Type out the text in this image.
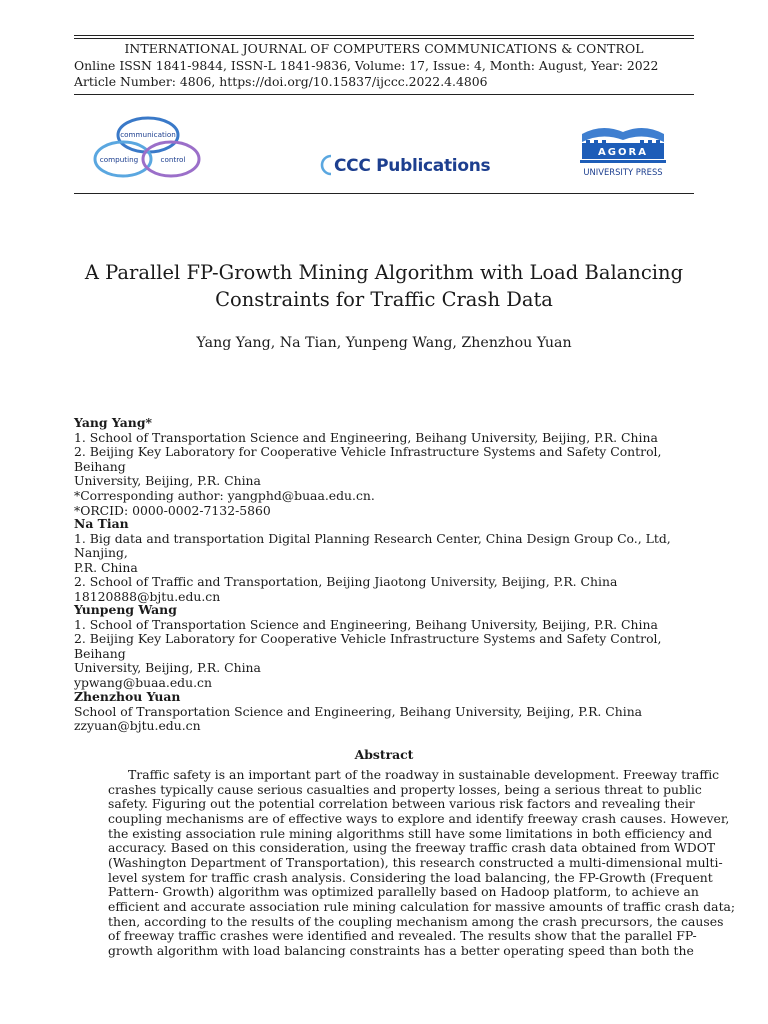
INTERNATIONAL JOURNAL OF COMPUTERS COMMUNICATIONS & CONTROL
Online ISSN 1841-9844, ISSN-L 1841-9836, Volume: 17, Issue: 4, Month: August, Year: 2022
Article Number: 4806, https://doi.org/10.15837/ijccc.2022.4.4806
communication
computing	control	CCC Publications
AGORA
UNIVERSITY PRESS
A Parallel FP-Growth Mining Algorithm with Load Balancing
Constraints for Traffic Crash Data
Yang Yang, Na Tian, Yunpeng Wang, Zhenzhou Yuan
Yang Yang*
1. School of Transportation Science and Engineering, Beihang University, Beijing, P.R. China
2. Beijing Key Laboratory for Cooperative Vehicle Infrastructure Systems and Safety Control, Beihang
University, Beijing, P.R. China
*Corresponding author: yangphd@buaa.edu.cn.
*ORCID: 0000-0002-7132-5860
Na Tian
1. Big data and transportation Digital Planning Research Center, China Design Group Co., Ltd, Nanjing,
P.R. China
2. School of Traffic and Transportation, Beijing Jiaotong University, Beijing, P.R. China
18120888@bjtu.edu.cn
Yunpeng Wang
1. School of Transportation Science and Engineering, Beihang University, Beijing, P.R. China
2. Beijing Key Laboratory for Cooperative Vehicle Infrastructure Systems and Safety Control, Beihang
University, Beijing, P.R. China
ypwang@buaa.edu.cn
Zhenzhou Yuan
School of Transportation Science and Engineering, Beihang University, Beijing, P.R. China
zzyuan@bjtu.edu.cn
Abstract
Traffic safety is an important part of the roadway in sustainable development. Freeway traffic
crashes typically cause serious casualties and property losses, being a serious threat to public
safety. Figuring out the potential correlation between various risk factors and revealing their
coupling mechanisms are of effective ways to explore and identify freeway crash causes. However,
the existing association rule mining algorithms still have some limitations in both efficiency and
accuracy. Based on this consideration, using the freeway traffic crash data obtained from WDOT
(Washington Department of Transportation), this research constructed a multi-dimensional multi-
level system for traffic crash analysis. Considering the load balancing, the FP-Growth (Frequent
Pattern- Growth) algorithm was optimized parallelly based on Hadoop platform, to achieve an
efficient and accurate association rule mining calculation for massive amounts of traffic crash data;
then, according to the results of the coupling mechanism among the crash precursors, the causes
of freeway traffic crashes were identified and revealed. The results show that the parallel FP-
growth algorithm with load balancing constraints has a better operating speed than both the
